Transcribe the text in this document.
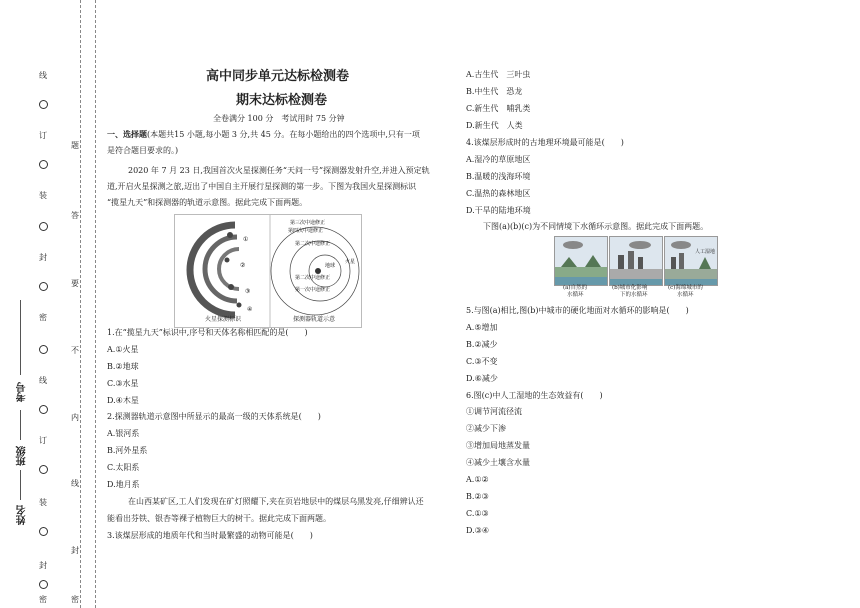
线
订
装
封
密
线
订
装
封
密
题
答
要
不
内
线
封
密
考号
班级
姓名
高中同步单元达标检测卷
期末达标检测卷
全卷满分 100 分　考试用时 75 分钟
一、选择题(本题共15 小题,每小题 3 分,共 45 分。在每小题给出的四个选项中,只有一项
是符合题目要求的。)
2020 年 7 月 23 日,我国首次火星探测任务“天问一号”探测器发射升空,并进入预定轨
道,开启火星探测之旅,迈出了中国自主开展行星探测的第一步。下图为我国火星探测标识
“揽星九天”和探测器的轨道示意图。据此完成下面两题。
①
②
③
④
第三次中途修正
第四次中途修正
第二次中途修正
地球
火星
第二次中途修正
第一次中途修正
火星探测标识	探测器轨道示意
1.在“揽星九天”标识中,序号和天体名称相匹配的是(　　)
A.①火星
B.②地球
C.③水星
D.④木星
2.探测器轨道示意图中所显示的最高一级的天体系统是(　　)
A.银河系
B.河外星系
C.太阳系
D.地月系
在山西某矿区,工人们发现在矿灯照耀下,夹在页岩地层中的煤层乌黑发亮,仔细辨认还
能看出芬铁、银杏等裸子植物巨大的树干。据此完成下面两题。
3.该煤层形成的地质年代和当时最繁盛的动物可能是(　　)
A.古生代　三叶虫
B.中生代　恐龙
C.新生代　哺乳类
D.新生代　人类
4.该煤层形成时的古地理环境最可能是(　　)
A.湿冷的草原地区
B.温暖的浅海环境
C.温热的森林地区
D.干旱的陆地环境
下图(a)(b)(c)为不同情境下水循环示意图。据此完成下面两题。
人工湿地
(a)自然的
水循环
(b)城市化影响
下的水循环
(c)海绵城市的
水循环
5.与图(a)相比,图(b)中城市的硬化地面对水循环的影响是(　　)
A.⑤增加
B.②减少
C.③不变
D.⑥减少
6.图(c)中人工湿地的生态效益有(　　)
①调节河流径流
②减少下渗
③增加局地蒸发量
④减少土壤含水量
A.①②
B.②③
C.①③
D.③④
